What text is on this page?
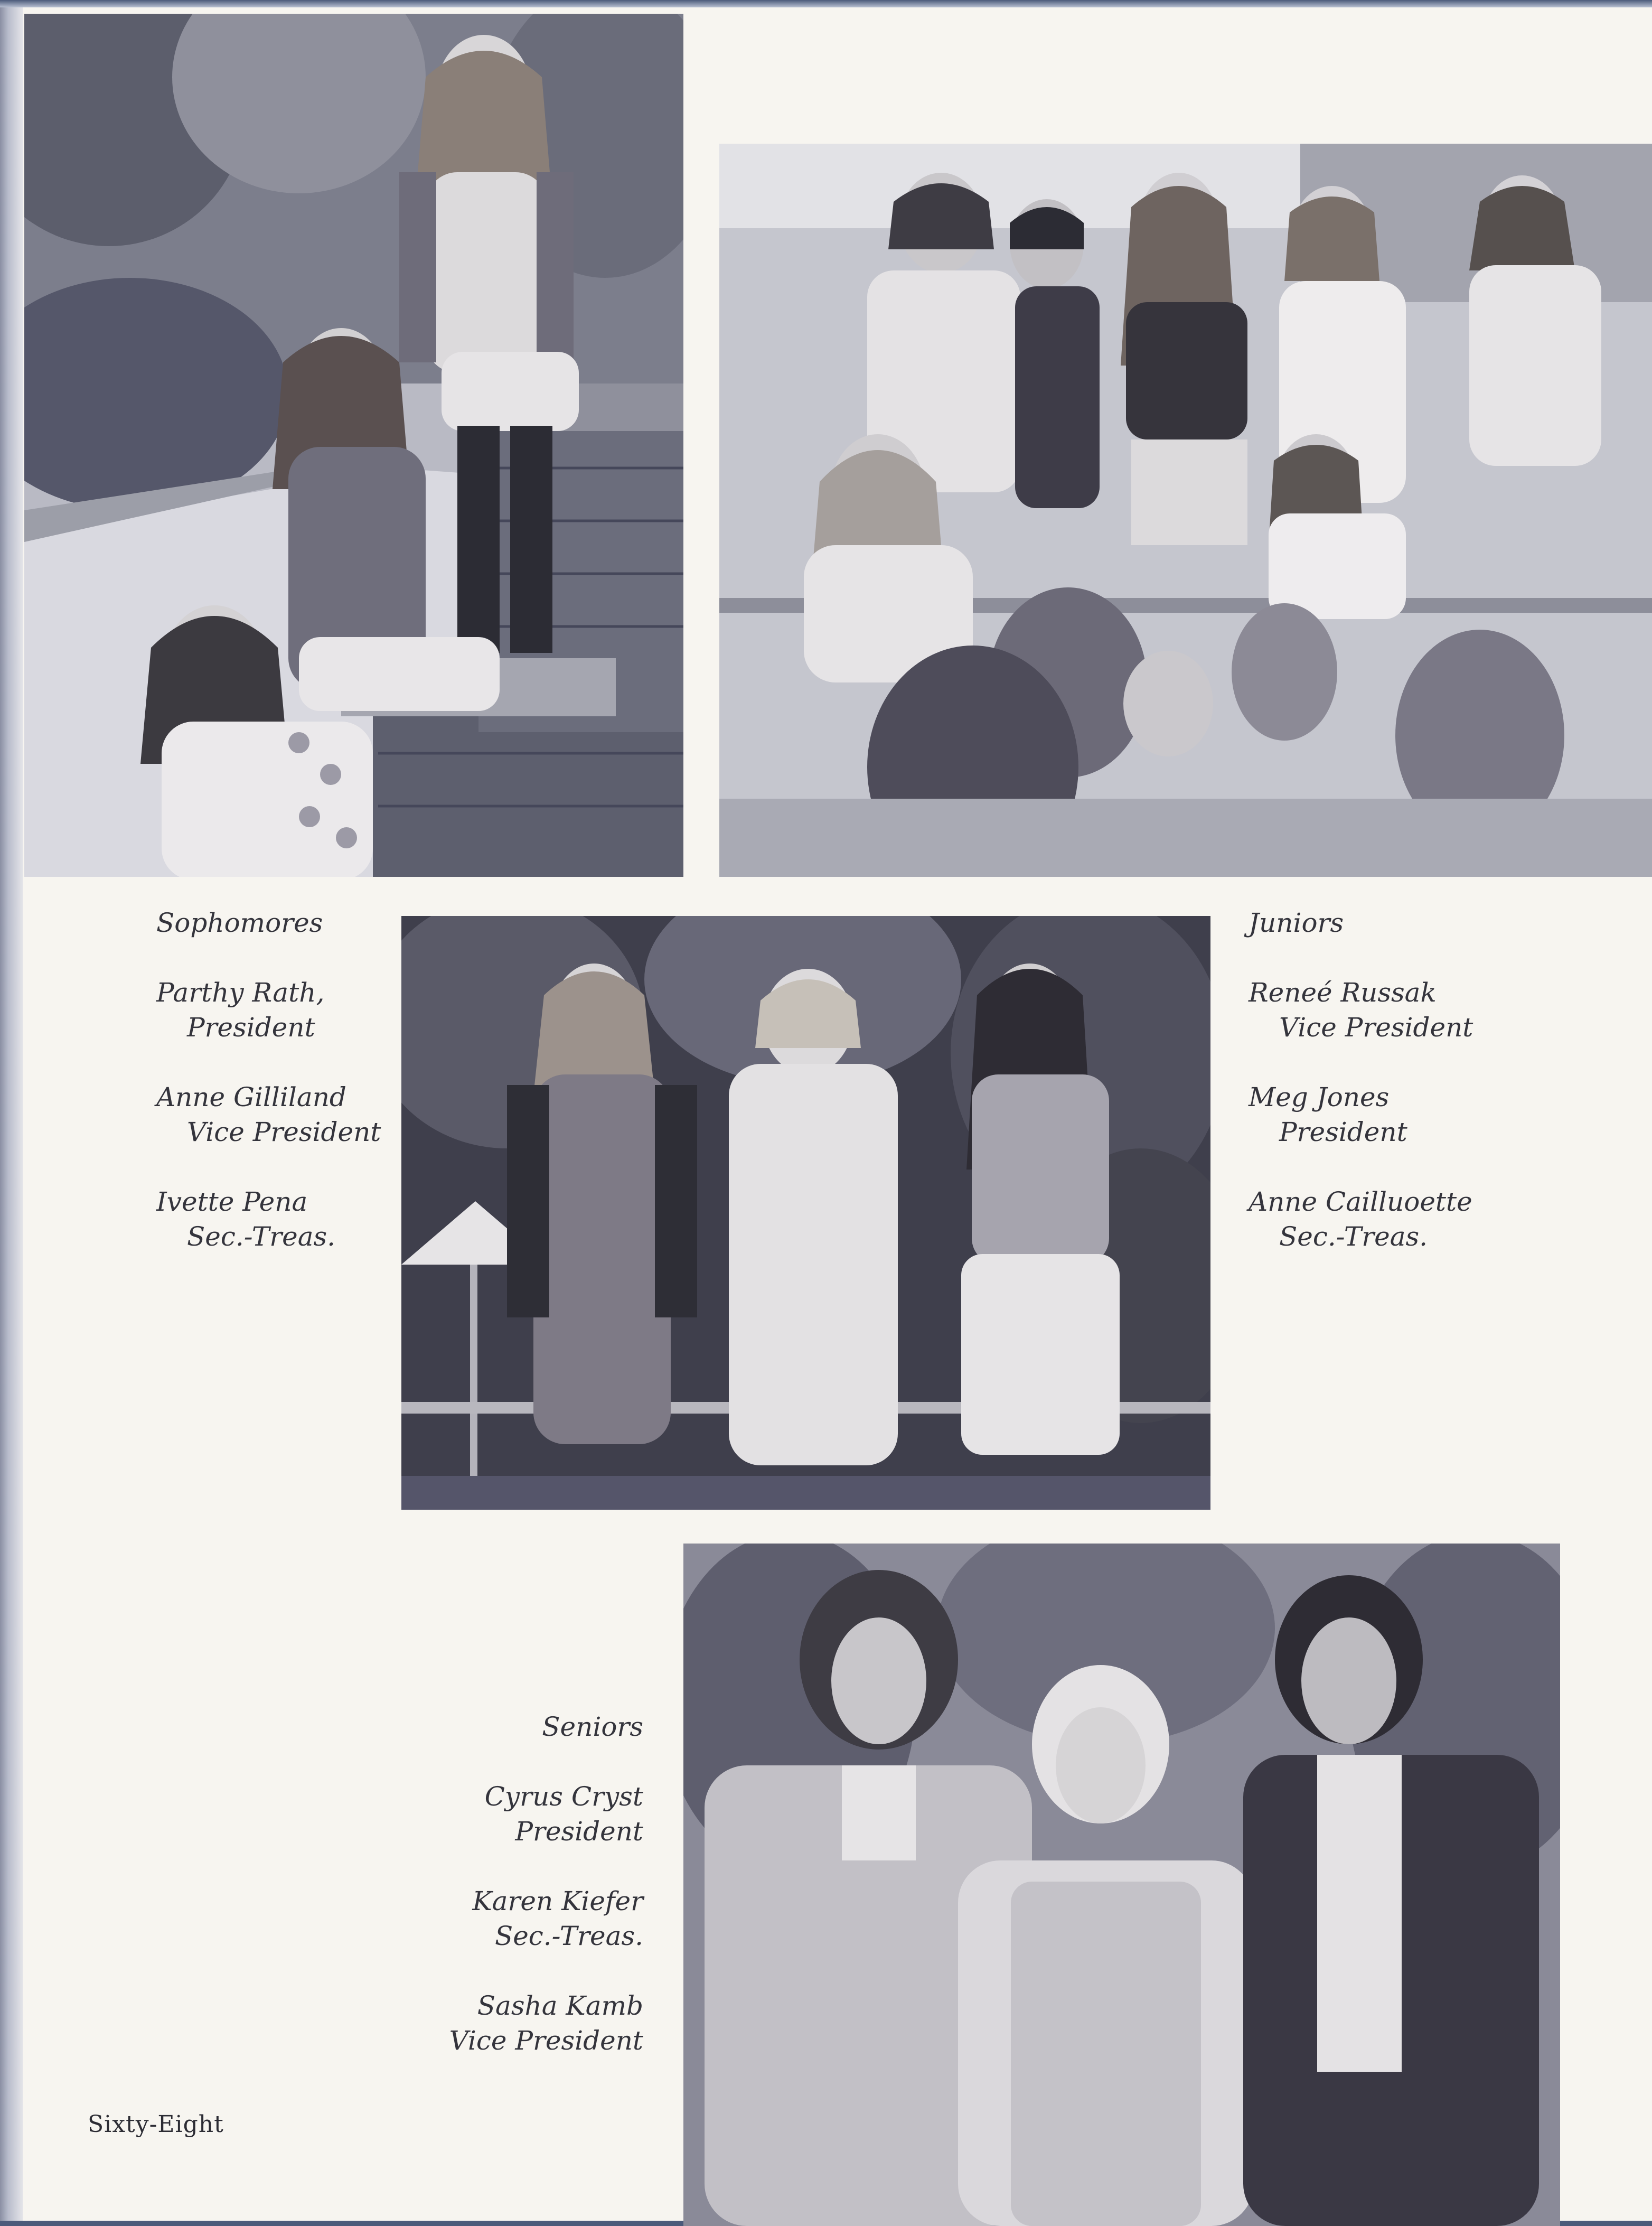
Sophomores
Parthy Rath,
President
Anne Gilliland
Vice President
Ivette Pena
Sec.-Treas.
Juniors
Reneé Russak
Vice President
Meg Jones
President
Anne Cailluoette
Sec.-Treas.
Seniors
Cyrus Cryst
President
Karen Kiefer
Sec.-Treas.
Sasha Kamb
Vice President
Sixty-Eight
